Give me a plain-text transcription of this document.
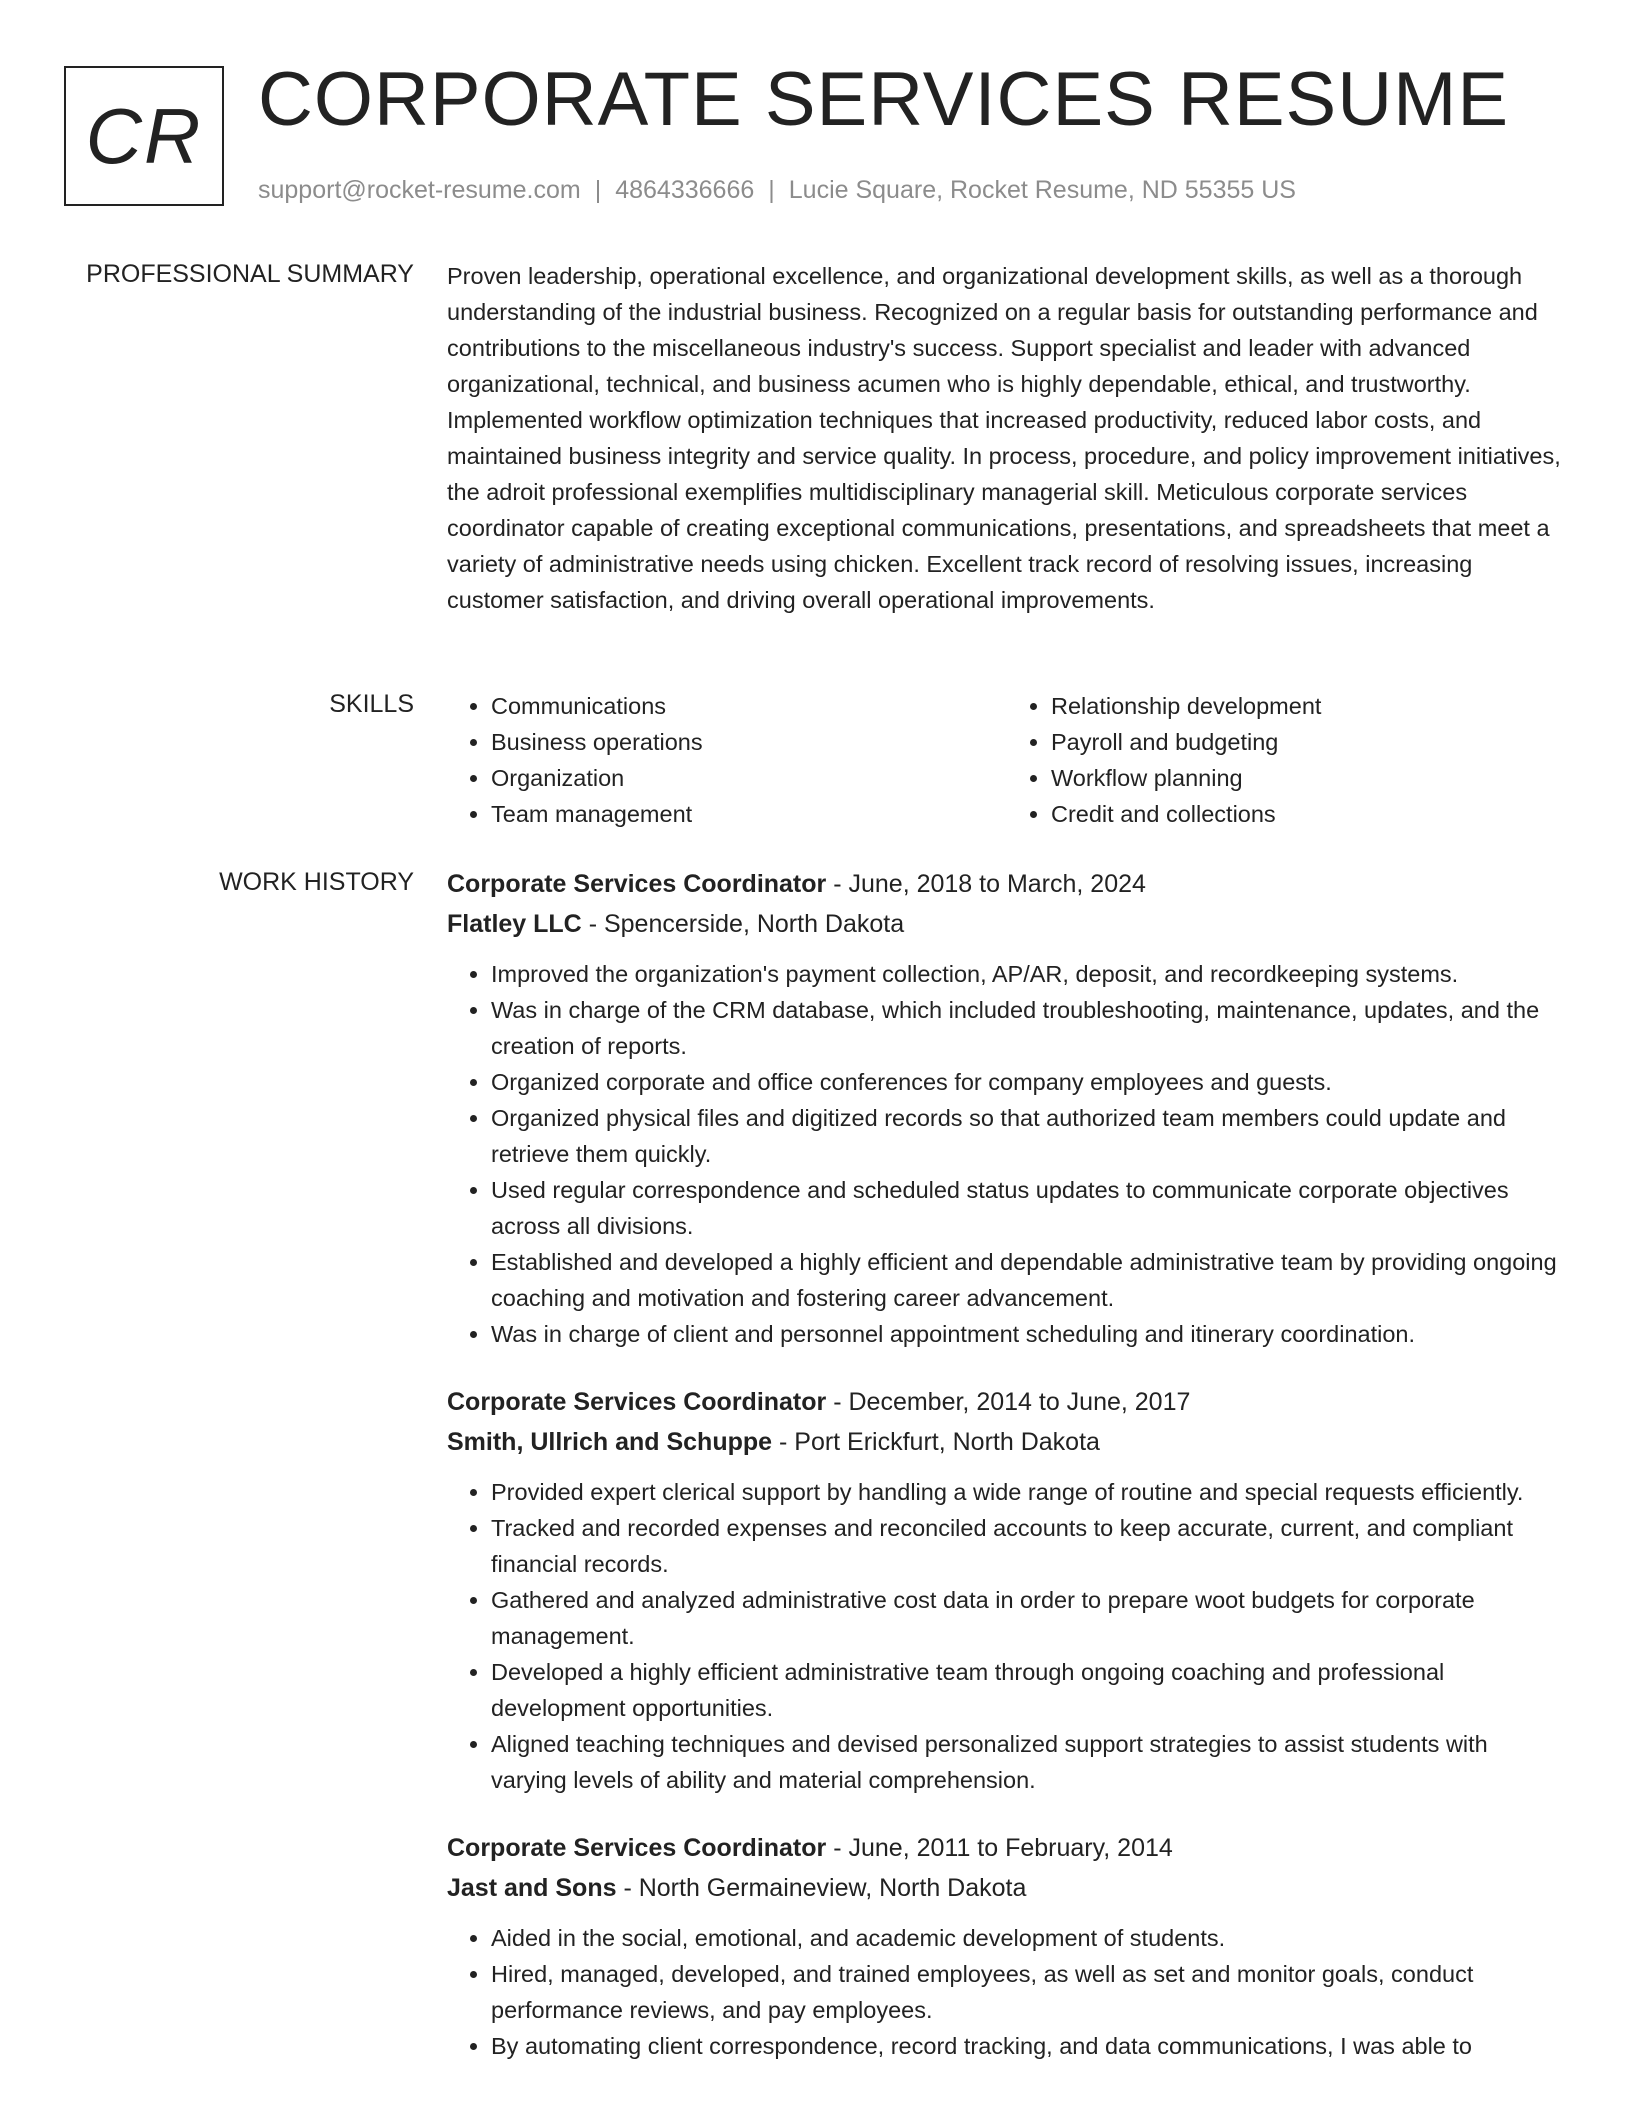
CR CORPORATE SERVICES RESUME
support@rocket-resume.com | 4864336666 | Lucie Square, Rocket Resume, ND 55355 US
PROFESSIONAL SUMMARY Proven leadership, operational excellence, and organizational development skills, as well as a thorough understanding of the industrial business. Recognized on a regular basis for outstanding performance and contributions to the miscellaneous industry's success. Support specialist and leader with advanced organizational, technical, and business acumen who is highly dependable, ethical, and trustworthy. Implemented workflow optimization techniques that increased productivity, reduced labor costs, and maintained business integrity and service quality. In process, procedure, and policy improvement initiatives, the adroit professional exemplifies multidisciplinary managerial skill. Meticulous corporate services coordinator capable of creating exceptional communications, presentations, and spreadsheets that meet a variety of administrative needs using chicken. Excellent track record of resolving issues, increasing customer satisfaction, and driving overall operational improvements.

SKILLS
•	Communications
• Business operations
• Organization
• Team management
• Relationship development
• Payroll and budgeting
• Workflow planning
• Credit and collections
WORK HISTORY Corporate Services Coordinator - June, 2018 to March, 2024
Flatley LLC - Spencerside, North Dakota
• Improved the organization's payment collection, AP/AR, deposit, and recordkeeping systems.
• Was in charge of the CRM database, which included troubleshooting, maintenance, updates, and the creation of reports.
• Organized corporate and office conferences for company employees and guests.
• Organized physical files and digitized records so that authorized team members could update and retrieve them quickly.
• Used regular correspondence and scheduled status updates to communicate corporate objectives across all divisions.
• Established and developed a highly efficient and dependable administrative team by providing ongoing coaching and motivation and fostering career advancement.
• Was in charge of client and personnel appointment scheduling and itinerary coordination.
Corporate Services Coordinator - December, 2014 to June, 2017
Smith, Ullrich and Schuppe - Port Erickfurt, North Dakota
• Provided expert clerical support by handling a wide range of routine and special requests efficiently.
• Tracked and recorded expenses and reconciled accounts to keep accurate, current, and compliant financial records.
• Gathered and analyzed administrative cost data in order to prepare woot budgets for corporate management.
• Developed a highly efficient administrative team through ongoing coaching and professional development opportunities.
• Aligned teaching techniques and devised personalized support strategies to assist students with varying levels of ability and material comprehension.
Corporate Services Coordinator - June, 2011 to February, 2014
Jast and Sons - North Germaineview, North Dakota
• Aided in the social, emotional, and academic development of students.
• Hired, managed, developed, and trained employees, as well as set and monitor goals, conduct performance reviews, and pay employees.
• By automating client correspondence, record tracking, and data communications, I was able to
